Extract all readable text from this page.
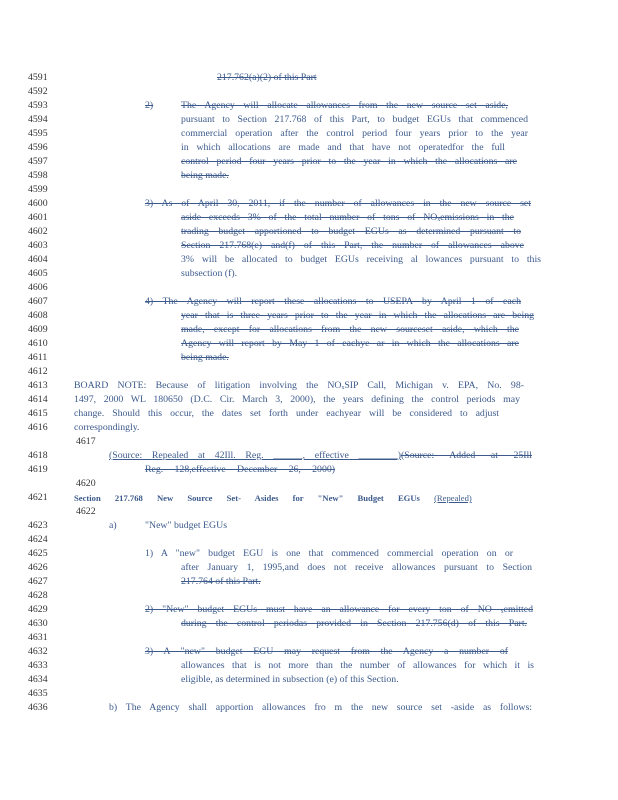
4591
4592
4593
4594
4595
4596
4597
4598
4599
4600
4601
4602
4603
4604
4605
4606
4607
4608
4609
4610
4611
4612
4613
4614
4615
4616
4617
4618
4619
4620
4621
4622
4623
4624
4625
4626
4627
4628
4629
4630
4631
4632
4633
4634
4635
4636
217.762(a)(2) of this Part
2)	The Agency will allocate allowances from the new source set aside,
pursuant to Section 217.768 of this Part, to budget EGUs that commenced
commercial operation after the control period four years prior to the year
in which allocations are made and that have not operatedfor the full
control period four years prior to the year in which the allocations are
being made.
3) As of April 30, 2011, if the number of allowances in the new source set
aside exceeds 3% of the total number of tons of NOₓemissions in the
trading budget apportioned to budget EGUs as determined pursuant to
Section 217.768(e) and(f) of this Part, the number of allowances above
3% will be allocated to budget EGUs receiving al lowances pursuant to this
subsection (f).
4) The Agency will report these allocations to USEPA by April 1 of each
year that is three years prior to the year in which the allocations are being
made, except for allocations from the new sourceset aside, which the
Agency will report by May 1 of eachye ar in which the allocations are
being made.
BOARD NOTE: Because of litigation involving the NOₓSIP Call, Michigan v. EPA, No. 98-
1497, 2000 WL 180650 (D.C. Cir. March 3, 2000), the years defining the control periods may
change. Should this occur, the dates set forth under eachyear will be considered to adjust
correspondingly.
(Source: Repealed at 42Ill. Reg. ______, effective ________) (Source: Added at 25Ill
Reg. 128,effective December 26, 2000)
Section 217.768 New Source Set- Asides for "New" Budget EGUs (Repealed)
a)	"New" budget EGUs
1) A "new" budget EGU is one that commenced commercial operation on or
after January 1, 1995,and does not receive allowances pursuant to Section
217.764 of this Part.
2) "New" budget EGUs must have an allowance for every ton of NO ₓemitted
during the control periodas provided in Section 217.756(d) of this Part.
3) A "new" budget EGU may request from the Agency a number of
allowances that is not more than the number of allowances for which it is
eligible, as determined in subsection (e) of this Section.
b) The Agency shall apportion allowances fro m the new source set -aside as follows:
